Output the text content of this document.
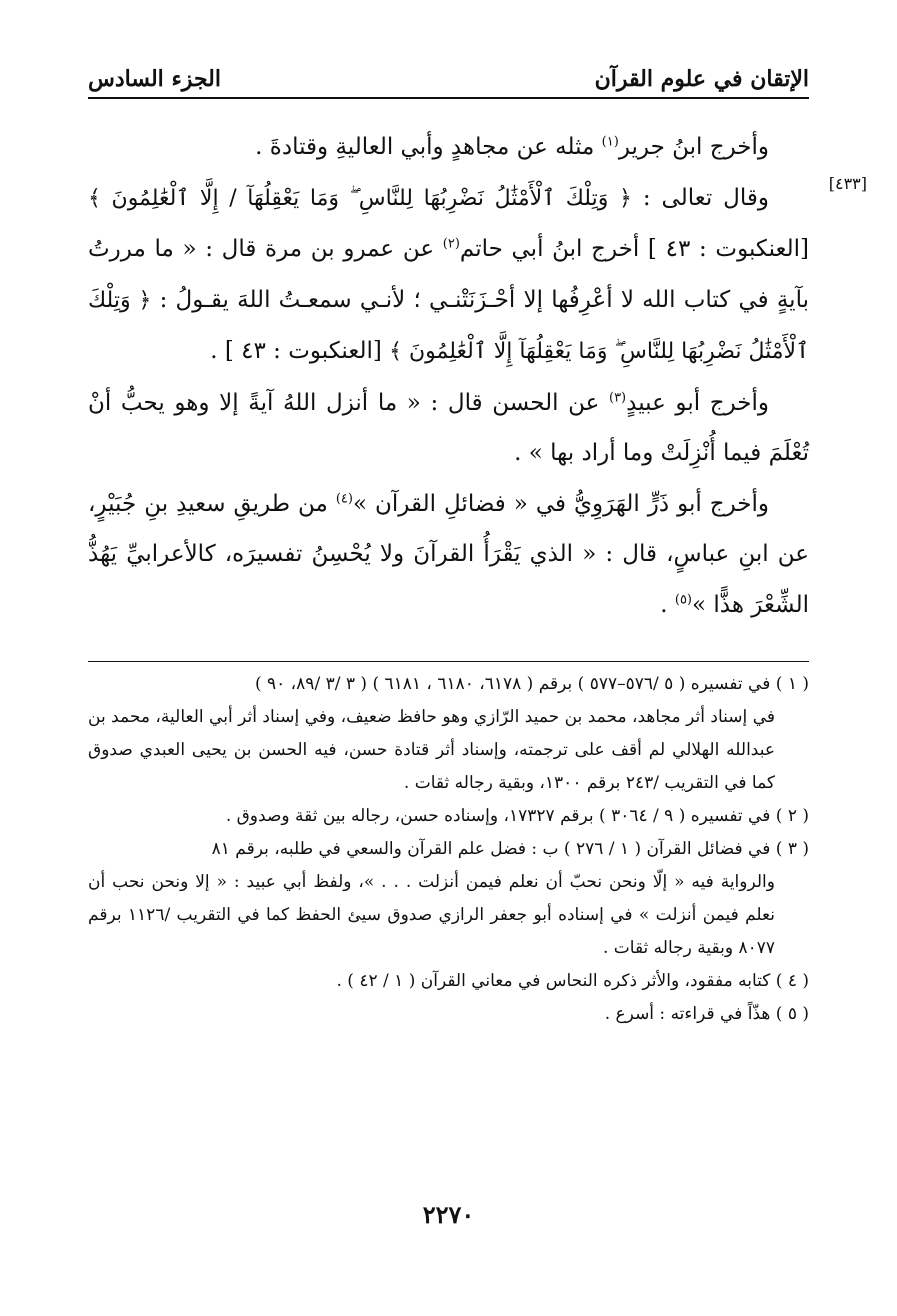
الإتقان في علوم القرآن
الجزء السادس
[٤٣٣]

وأخرج ابنُ جرير$^{(١)}$ مثله عن مجاهدٍ وأبي العاليةِ وقتادةَ .

وقال تعالى : ﴿ وَتِلْكَ ٱلْأَمْثَٰلُ نَضْرِبُهَا لِلنَّاسِ ۖ وَمَا يَعْقِلُهَآ / إِلَّا ٱلْعَٰلِمُونَ ﴾ [العنكبوت : ٤٣ ] أخرج ابنُ أبي حاتم$^{(٢)}$ عن عمرو بن مرة قال : « ما مررتُ بآيةٍ في كتاب الله لا أعْرِفُها إلا أحْـزَنَتْنـي ؛ لأنـي سمعـتُ اللهَ يقـولُ : ﴿ وَتِلْكَ ٱلْأَمْثَٰلُ نَضْرِبُهَا لِلنَّاسِ ۖ وَمَا يَعْقِلُهَآ إِلَّا ٱلْعَٰلِمُونَ ﴾ [العنكبوت : ٤٣ ] .

وأخرج أبو عبيدٍ$^{(٣)}$ عن الحسن قال : « ما أنزل اللهُ آيةً إلا وهو يحبُّ أنْ تُعْلَمَ فيما أُنْزِلَتْ وما أراد بها » .

وأخرج أبو ذَرٍّ الهَرَوِيُّ في « فضائلِ القرآن »$^{(٤)}$ من طريقِ سعيدِ بنِ جُبَيْرٍ، عن ابنِ عباسٍ، قال : « الذي يَقْرَأُ القرآنَ ولا يُحْسِنُ تفسيرَه، كالأعرابيِّ يَهُذُّ الشِّعْرَ هذًّا »$^{(٥)}$ .

( ١ ) في تفسيره ( ٥ /٥٧٦–٥٧٧ ) برقم ( ٦١٧٨، ٦١٨٠ ، ٦١٨١ ) ( ٣ /٣ /٨٩، ٩٠ )

في إسناد أثر مجاهد، محمد بن حميد الرّازي وهو حافظ ضعيف، وفي إسناد أثر أبي العالية، محمد بن عبدالله الهلالي لم أقف على ترجمته، وإسناد أثر قتادة حسن، فيه الحسن بن يحيى العبدي صدوق كما في التقريب /٢٤٣ برقم ١٣٠٠، وبقية رجاله ثقات .

( ٢ ) في تفسيره ( ٩ / ٣٠٦٤ ) برقم ١٧٣٢٧، وإسناده حسن، رجاله بين ثقة وصدوق .

( ٣ ) في فضائل القرآن ( ١ / ٢٧٦ ) ب : فضل علم القرآن والسعي في طلبه، برقم ٨١

والرواية فيه « إلّا ونحن نحبّ أن نعلم فيمن أنزلت . . . »، ولفظ أبي عبيد : « إلا ونحن نحب أن نعلم فيمن أنزلت » في إسناده أبو جعفر الرازي صدوق سيئ الحفظ كما في التقريب /١١٢٦ برقم ٨٠٧٧ وبقية رجاله ثقات .

( ٤ ) كتابه مفقود، والأثر ذكره النحاس في معاني القرآن ( ١ / ٤٢ ) .

( ٥ ) هذّاً في قراءته : أسرع .

٢٢٧٠
